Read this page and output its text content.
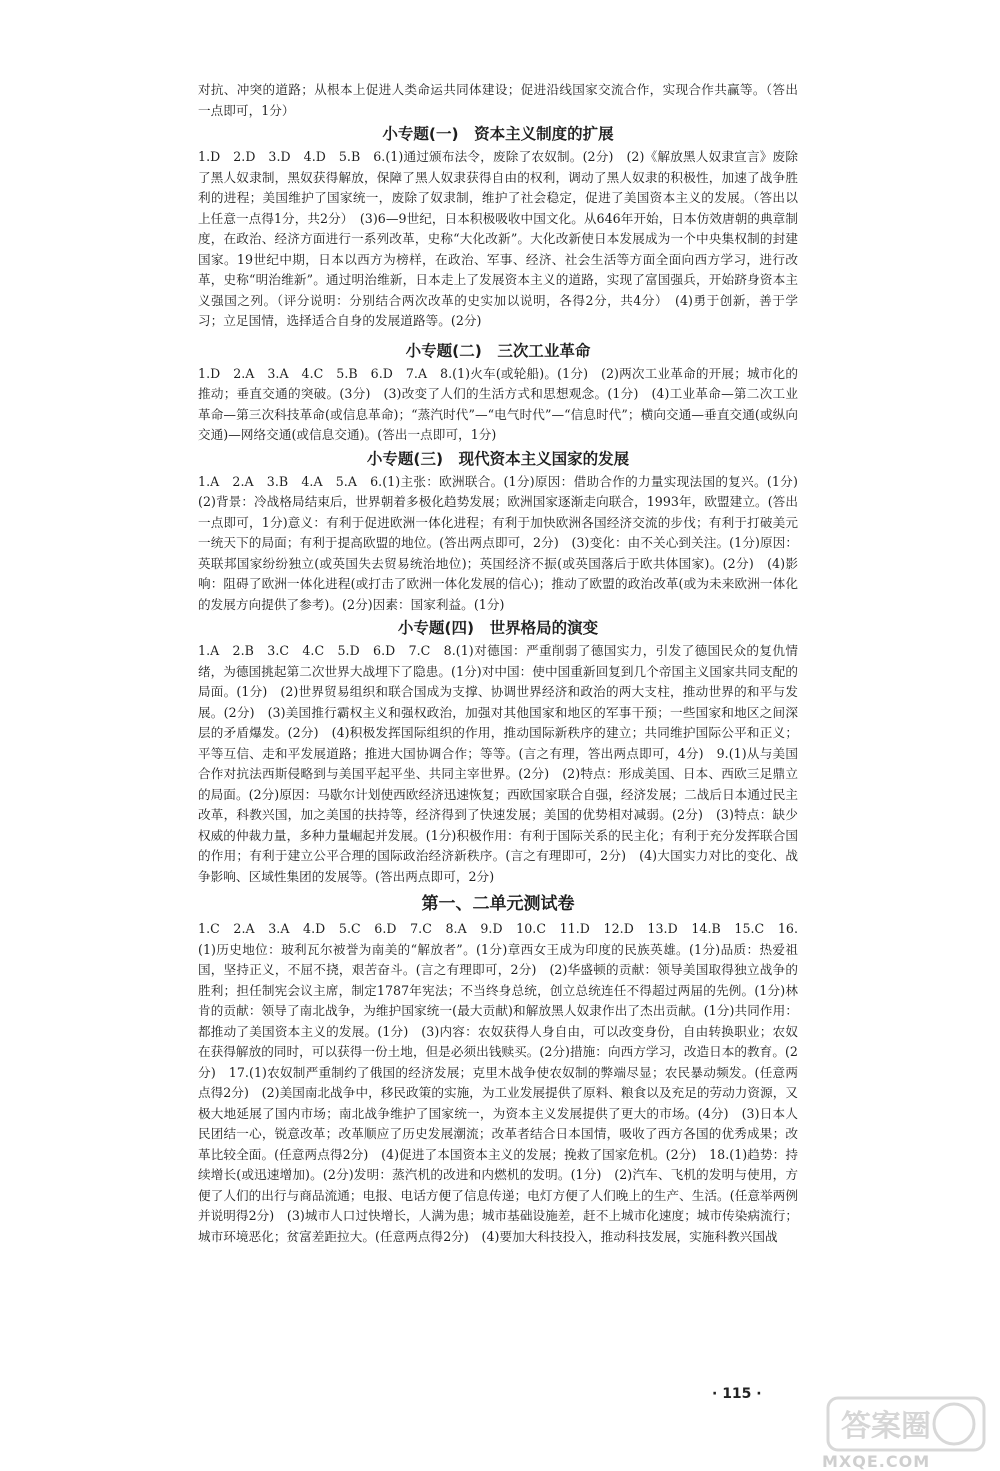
对抗、冲突的道路；从根本上促进人类命运共同体建设；促进沿线国家交流合作，实现合作共赢等。（答出一点即可，1分）

小专题(一)　资本主义制度的扩展

1.D　2.D　3.D　4.D　5.B　6.(1)通过颁布法令，废除了农奴制。(2分)　(2)《解放黑人奴隶宣言》废除了黑人奴隶制，黑奴获得解放，保障了黑人奴隶获得自由的权利，调动了黑人奴隶的积极性，加速了战争胜利的进程；美国维护了国家统一，废除了奴隶制，维护了社会稳定，促进了美国资本主义的发展。（答出以上任意一点得1分，共2分）　(3)6—9世纪，日本积极吸收中国文化。从646年开始，日本仿效唐朝的典章制度，在政治、经济方面进行一系列改革，史称“大化改新”。大化改新使日本发展成为一个中央集权制的封建国家。19世纪中期，日本以西方为榜样，在政治、军事、经济、社会生活等方面全面向西方学习，进行改革，史称“明治维新”。通过明治维新，日本走上了发展资本主义的道路，实现了富国强兵，开始跻身资本主义强国之列。（评分说明：分别结合两次改革的史实加以说明，各得2分，共4分）　(4)勇于创新，善于学习；立足国情，选择适合自身的发展道路等。(2分)

小专题(二)　三次工业革命

1.D　2.A　3.A　4.C　5.B　6.D　7.A　8.(1)火车(或轮船)。(1分)　(2)两次工业革命的开展；城市化的推动；垂直交通的突破。(3分)　(3)改变了人们的生活方式和思想观念。(1分)　(4)工业革命—第二次工业革命—第三次科技革命(或信息革命)；“蒸汽时代”—“电气时代”—“信息时代”；横向交通—垂直交通(或纵向交通)—网络交通(或信息交通)。(答出一点即可，1分)

小专题(三)　现代资本主义国家的发展

1.A　2.A　3.B　4.A　5.A　6.(1)主张：欧洲联合。(1分)原因：借助合作的力量实现法国的复兴。(1分)　(2)背景：冷战格局结束后，世界朝着多极化趋势发展；欧洲国家逐渐走向联合，1993年，欧盟建立。(答出一点即可，1分)意义：有利于促进欧洲一体化进程；有利于加快欧洲各国经济交流的步伐；有利于打破美元一统天下的局面；有利于提高欧盟的地位。(答出两点即可，2分)　(3)变化：由不关心到关注。(1分)原因：英联邦国家纷纷独立(或英国失去贸易统治地位)；英国经济不振(或英国落后于欧共体国家)。(2分)　(4)影响：阻碍了欧洲一体化进程(或打击了欧洲一体化发展的信心)；推动了欧盟的政治改革(或为未来欧洲一体化的发展方向提供了参考)。(2分)因素：国家利益。(1分)

小专题(四)　世界格局的演变

1.A　2.B　3.C　4.C　5.D　6.D　7.C　8.(1)对德国：严重削弱了德国实力，引发了德国民众的复仇情绪，为德国挑起第二次世界大战埋下了隐患。(1分)对中国：使中国重新回复到几个帝国主义国家共同支配的局面。(1分)　(2)世界贸易组织和联合国成为支撑、协调世界经济和政治的两大支柱，推动世界的和平与发展。(2分)　(3)美国推行霸权主义和强权政治，加强对其他国家和地区的军事干预；一些国家和地区之间深层的矛盾爆发。(2分)　(4)积极发挥国际组织的作用，推动国际新秩序的建立；共同维护国际公平和正义；平等互信、走和平发展道路；推进大国协调合作；等等。(言之有理，答出两点即可，4分)　9.(1)从与美国合作对抗法西斯侵略到与美国平起平坐、共同主宰世界。(2分)　(2)特点：形成美国、日本、西欧三足鼎立的局面。(2分)原因：马歇尔计划使西欧经济迅速恢复；西欧国家联合自强，经济发展；二战后日本通过民主改革，科教兴国，加之美国的扶持等，经济得到了快速发展；美国的优势相对减弱。(2分)　(3)特点：缺少权威的仲裁力量，多种力量崛起并发展。(1分)积极作用：有利于国际关系的民主化；有利于充分发挥联合国的作用；有利于建立公平合理的国际政治经济新秩序。(言之有理即可，2分)　(4)大国实力对比的变化、战争影响、区域性集团的发展等。(答出两点即可，2分)

第一、二单元测试卷

1.C　2.A　3.A　4.D　5.C　6.D　7.C　8.A　9.D　10.C　11.D　12.D　13.D　14.B　15.C　16.(1)历史地位：玻利瓦尔被誉为南美的“解放者”。(1分)章西女王成为印度的民族英雄。(1分)品质：热爱祖国，坚持正义，不屈不挠，艰苦奋斗。(言之有理即可，2分)　(2)华盛顿的贡献：领导美国取得独立战争的胜利；担任制宪会议主席，制定1787年宪法；不当终身总统，创立总统连任不得超过两届的先例。(1分)林肯的贡献：领导了南北战争，为维护国家统一(最大贡献)和解放黑人奴隶作出了杰出贡献。(1分)共同作用：都推动了美国资本主义的发展。(1分)　(3)内容：农奴获得人身自由，可以改变身份，自由转换职业；农奴在获得解放的同时，可以获得一份土地，但是必须出钱赎买。(2分)措施：向西方学习，改造日本的教育。(2分)　17.(1)农奴制严重制约了俄国的经济发展；克里木战争使农奴制的弊端尽显；农民暴动频发。(任意两点得2分)　(2)美国南北战争中，移民政策的实施，为工业发展提供了原料、粮食以及充足的劳动力资源，又极大地延展了国内市场；南北战争维护了国家统一，为资本主义发展提供了更大的市场。(4分)　(3)日本人民团结一心，锐意改革；改革顺应了历史发展潮流；改革者结合日本国情，吸收了西方各国的优秀成果；改革比较全面。(任意两点得2分)　(4)促进了本国资本主义的发展；挽救了国家危机。(2分)　18.(1)趋势：持续增长(或迅速增加)。(2分)发明：蒸汽机的改进和内燃机的发明。(1分)　(2)汽车、飞机的发明与使用，方便了人们的出行与商品流通；电报、电话方便了信息传递；电灯方便了人们晚上的生产、生活。(任意举两例并说明得2分)　(3)城市人口过快增长，人满为患；城市基础设施差，赶不上城市化速度；城市传染病流行；城市环境恶化；贫富差距拉大。(任意两点得2分)　(4)要加大科技投入，推动科技发展，实施科教兴国战

· 115 ·
答案圈
MXQE.COM
